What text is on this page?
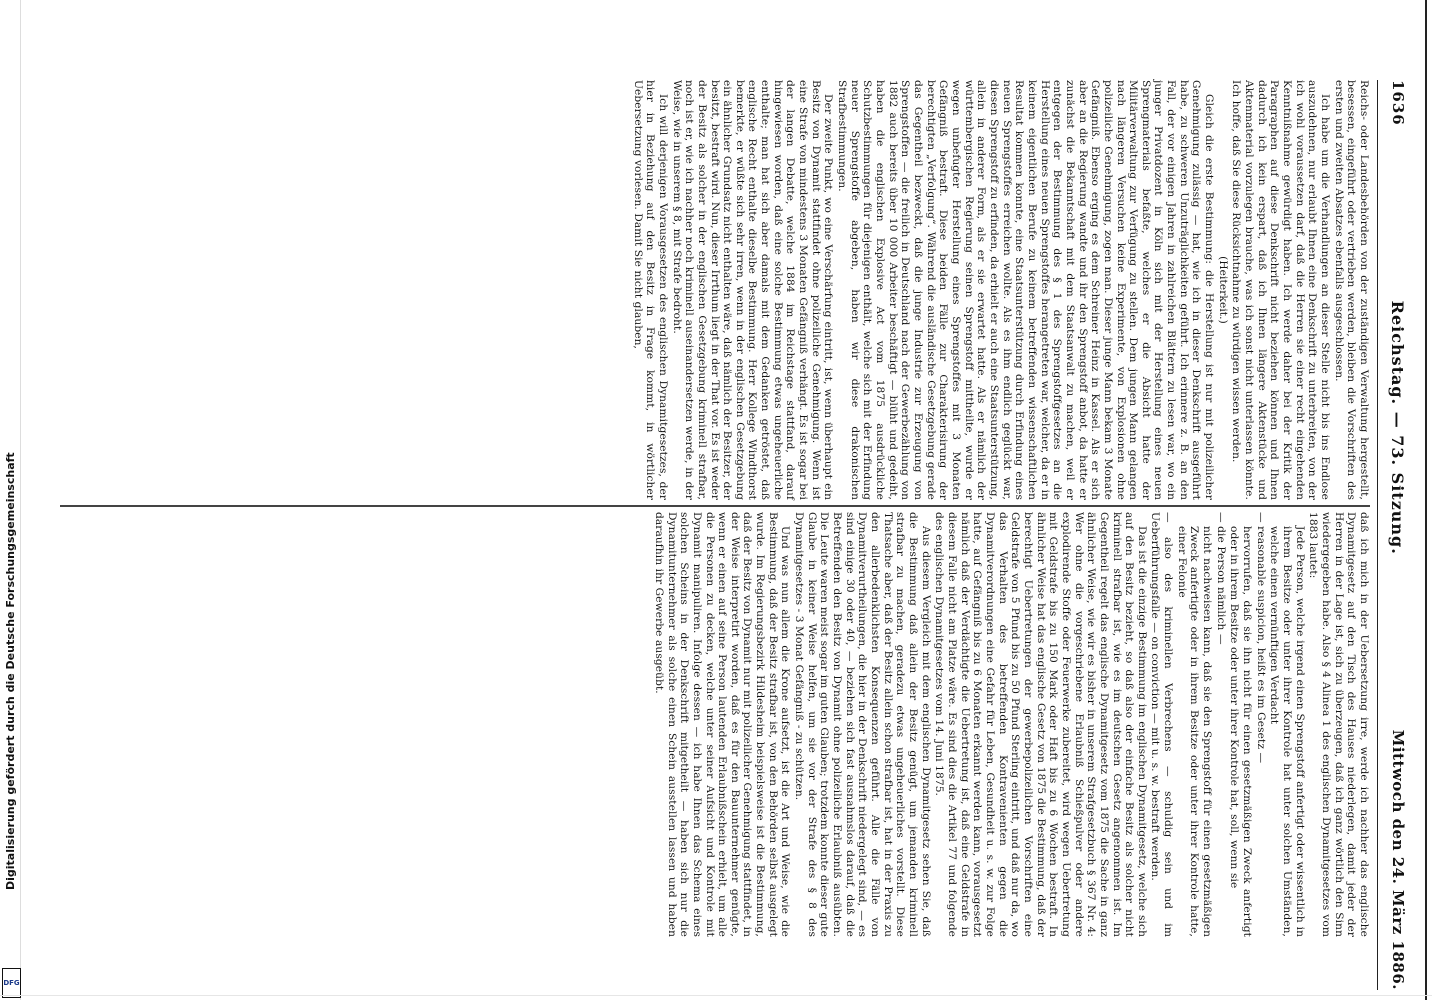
1636
Reichstag. — 73. Sitzung.
Mittwoch den 24. März 1886.

Reichs- oder Landesbehörden von der zuständigen Verwaltung hergestellt, besessen, eingeführt oder vertrieben werden, bleiben die Vorschriften des ersten und zweiten Absatzes ebenfalls ausgeschlossen.

Ich habe um die Verhandlungen an dieser Stelle nicht bis ins Endlose auszudehnen, nur erlaubt Ihnen eine Denkschrift zu unterbreiten, von der ich wohl voraussetzen darf, daß die Herren sie einer recht eingehenden Kenntnißnahme gewürdigt haben. Ich werde daher bei der Kritik der Paragraphen auf diese Denkschrift nicht beziehen können und Ihnen dadurch ich kein erspart, daß ich Ihnen längere Aktenstücke und Aktenmaterial vorzulegen brauche, was ich sonst nicht unterlassen könnte. Ich hoffe, daß Sie diese Rücksichtnahme zu würdigen wissen werden.

(Heiterkeit.)

Gleich die erste Bestimmung: die Herstellung ist nur mit polizeilicher Genehmigung zulässig — hat, wie ich in dieser Denkschrift ausgeführt habe, zu schweren Unzuträglichkeiten geführt. Ich erinnere z. B. an den Fall, der vor einigen Jahren in zahlreichen Blättern zu lesen war, wo ein junger Privatdozent in Köln sich mit der Herstellung eines neuen Sprengmaterials befaßte, welches er die Absicht hatte der Militärverwaltung zur Verfügung zu stellen. Dem jungen Mann gelangen nach längeren Versuchen keine Experimente, von Explosionen ohne polizeiliche Genehmigung, zogen man. Dieser junge Mann bekam 3 Monate Gefängniß. Ebenso erging es dem Schreiner Heinz in Kassel. Als er sich aber an die Regierung wandte und ihr den Sprengstoff anbot, da hatte er zunächst die Bekanntschaft mit dem Staatsanwalt zu machen, weil er entgegen der Bestimmung des § 1 des Sprengstoffgesetzes an die Herstellung eines neuen Sprengstoffes herangetreten war, welcher, da er in keinem eigentlichen Berufe zu keinem betreffenden wissenschaftlichen Resultat kommen konnte, eine Staatsunterstützung durch Erfindung eines neuen Sprengstoffes erreichen wollte. Als es ihm endlich geglückt war, diesen Sprengstoff zu erfinden, da erhielt er auch eine Staatsunterstützung, allein in anderer Form, als er sie erwartet hatte. Als er nämlich der württembergischen Regierung seinen Sprengstoff mittheilte, wurde er wegen unbefugter Herstellung eines Sprengstoffes mit 3 Monaten Gefängniß bestraft. Diese beiden Fälle zur Charakterisirung der berechtigten „Verfolgung“. Während die ausländische Gesetzgebung gerade das Gegentheil bezweckt, daß die junge Industrie zur Erzeugung von Sprengstoffen — die freilich in Deutschland nach der Gewerbezählung von 1882 auch bereits über 10 000 Arbeiter beschäftigt — blüht und gedeiht, haben die englischen Explosive Act vom 1875 ausdrückliche Schutzbestimmungen für diejenigen enthält, welche sich mit der Erfindung neuer Sprengstoffe abgeben, haben wir diese drakonischen Strafbestimmungen.

Der zweite Punkt, wo eine Verschärfung eintritt, ist, wenn überhaupt ein Besitz von Dynamit stattfindet ohne polizeiliche Genehmigung. Wenn ist eine Strafe von mindestens 3 Monaten Gefängniß verhängt. Es ist sogar bei der langen Debatte, welche 1884 im Reichstage stattfand, darauf hingewiesen worden, daß eine solche Bestimmung etwas ungeheuerliche enthalte; man hat sich aber damals mit dem Gedanken getröstet, daß englische Recht enthalte dieselbe Bestimmung. Herr Kollege Windthorst bemerkte, er wüßte sich sehr irren, wenn in der englischen Gesetzgebung ein ähnlicher Grundsatz nicht enthalten wäre, daß nämlich der Besitzer, der besitzt, bestraft wird. Nun, dieser Irrthum liegt in der That vor. Es ist weder der Besitz als solcher in der englischen Gesetzgebung kriminell strafbar, noch ist er, wie ich nachher noch kriminell auseinandersetzen werde, in der Weise, wie in unserem § 8, mit Strafe bedroht.

Ich will derjenigen Vorausgesetzen des englischen Dynamitgesetzes, der hier in Beziehung auf den Besitz in Frage kommt, in wörtlicher Uebersetzung vorlesen. Damit Sie nicht glauben,

daß ich mich in der Uebersetzung irre, werde ich nachher das englische Dynamitgesetz auf den Tisch des Hauses niederlegen, damit jeder der Herren in der Lage ist, sich zu überzeugen, daß ich ganz wörtlich den Sinn wiedergegeben habe. Also § 4 Alinea 1 des englischen Dynamitgesetzes vom 1883 lautet:

Jede Person, welche irgend einen Sprengstoff anfertigt oder wissentlich in ihrem Besitze oder unter ihrer Kontrole hat unter solchen Umständen, welche einen vernünftigen Verdacht

— reasonable suspicion, heißt es im Gesetz —

hervorrufen, daß sie ihn nicht für einen gesetzmäßigen Zweck anfertigt oder in ihrem Besitze oder unter ihrer Kontrole hat, soll, wenn sie

— die Person nämlich —

nicht nachweisen kann, daß sie den Sprengstoff für einen gesetzmäßigen Zweck anfertigte oder in ihrem Besitze oder unter ihrer Kontrole hatte, einer Felonie

— also des kriminellen Verbrechens — schuldig sein und im Ueberführungsfalle — on conviction — mit u. s. w. bestraft werden.

Das ist die einzige Bestimmung im englischen Dynamitgesetz, welche sich auf den Besitz bezieht, so daß also der einfache Besitz als solcher nicht kriminell strafbar ist, wie es im deutschen Gesetz angenommen ist. Im Gegentheil regelt das englische Dynamitgesetz vom 1875 die Sache in ganz ähnlicher Weise, wie wir es bisher in unserem Strafgesetzbuch § 367 Nr. 4: Wer ohne die vorgeschriebene Erlaubniß Schießpulver oder andere explodirende Stoffe oder Feuerwerke zubereitet, wird wegen Uebertretung mit Geldstrafe bis zu 150 Mark oder Haft bis zu 6 Wochen bestraft. In ähnlicher Weise hat das englische Gesetz von 1875 die Bestimmung, daß der berechtigt Uebertretungen der gewerbepolizeilichen Vorschriften eine Geldstrafe von 5 Pfund bis zu 50 Pfund Sterling eintritt, und daß nur da, wo das Verhalten des betreffenden Kontravenienten gegen die Dynamitverordnungen eine Gefahr für Leben, Gesundheit u. s. w. zur Folge hatte, auf Gefängniß bis zu 6 Monaten erkannt werden kann, vorausgesetzt nämlich daß der Verdächtigte die Uebertretung ist, daß eine Geldstrafe in diesem Falle nicht am Platze wäre. Es sind dies die Artikel 77 und folgende des englischen Dynamitgesetzes vom 14. Juni 1875.

Aus diesem Vergleich mit dem englischen Dynamitgesetz sehen Sie, daß die Bestimmung daß allein der Besitz genügt, um jemanden kriminell strafbar zu machen, geradezu etwas ungeheuerliches vorstellt. Diese Thatsache aber, daß der Besitz allein schon strafbar ist, hat in der Praxis zu den allerbedenklichsten Konsequenzen geführt. Alle die Fälle von Dynamitverurtheilungen, die hier in der Denkschrift niedergelegt sind, — es sind einige 30 oder 40, — beziehen sich fast ausnahmslos darauf, daß die Betreffenden den Besitz von Dynamit ohne polizeiliche Erlaubniß ausübten. Die Leute waren meist sogar im guten Glauben; trotzdem konnte dieser gute Glaube in keiner Weise helfen, um sie vor der Strafe des § 8 des Dynamitgesetzes - 3 Monat Gefängniß - zu schützen.

Und was nun allem die Krone aufsetzt, ist die Art und Weise, wie die Bestimmung, daß der Besitz strafbar ist, von den Behörden selbst ausgelegt wurde. Im Regierungsbezirk Hildesheim beispielsweise ist die Bestimmung, daß der Besitz von Dynamit nur mit polizeilicher Genehmigung stattfindet, in der Weise interpretirt worden, daß es für den Bauunternehmer genügte, wenn er einen auf seine Person lautenden Erlaubnißschein erhielt, um alle die Personen zu decken, welche unter seiner Aufsicht und Kontrole mit Dynamit manipuliren. Infolge dessen — ich habe Ihnen das Schema eines solchen Scheins in der Denkschrift mitgetheilt — haben sich nur die Dynamitunternehmer als solche einen Schein ausstellen lassen und haben daraufhin ihr Gewerbe ausgeübt.

Digitalisierung gefördert durch die Deutsche Forschungsgemeinschaft
DFG
